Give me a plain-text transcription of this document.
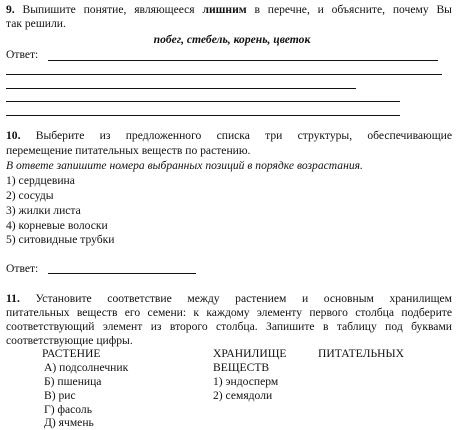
9. Выпишите понятие, являющееся лишним в перечне, и объясните, почему Вы
так решили.
побег, стебель, корень, цветок
Ответ:
10. Выберите из предложенного списка три структуры, обеспечивающие
перемещение питательных веществ по растению.
В ответе запишите номера выбранных позиций в порядке возрастания.
1) сердцевина
2) сосуды
3) жилки листа
4) корневые волоски
5) ситовидные трубки
Ответ:
11. Установите соответствие между растением и основным хранилищем
питательных веществ его семени: к каждому элементу первого столбца подберите
соответствующий элемент из второго столбца. Запишите в таблицу под буквами
соответствующие цифры.
РАСТЕНИЕ	ХРАНИЛИЩЕ	ПИТАТЕЛЬНЫХ
ВЕЩЕСТВ
А) подсолнечник
Б) пшеница
В) рис
Г) фасоль
Д) ячмень
1) эндосперм
2) семядоли
